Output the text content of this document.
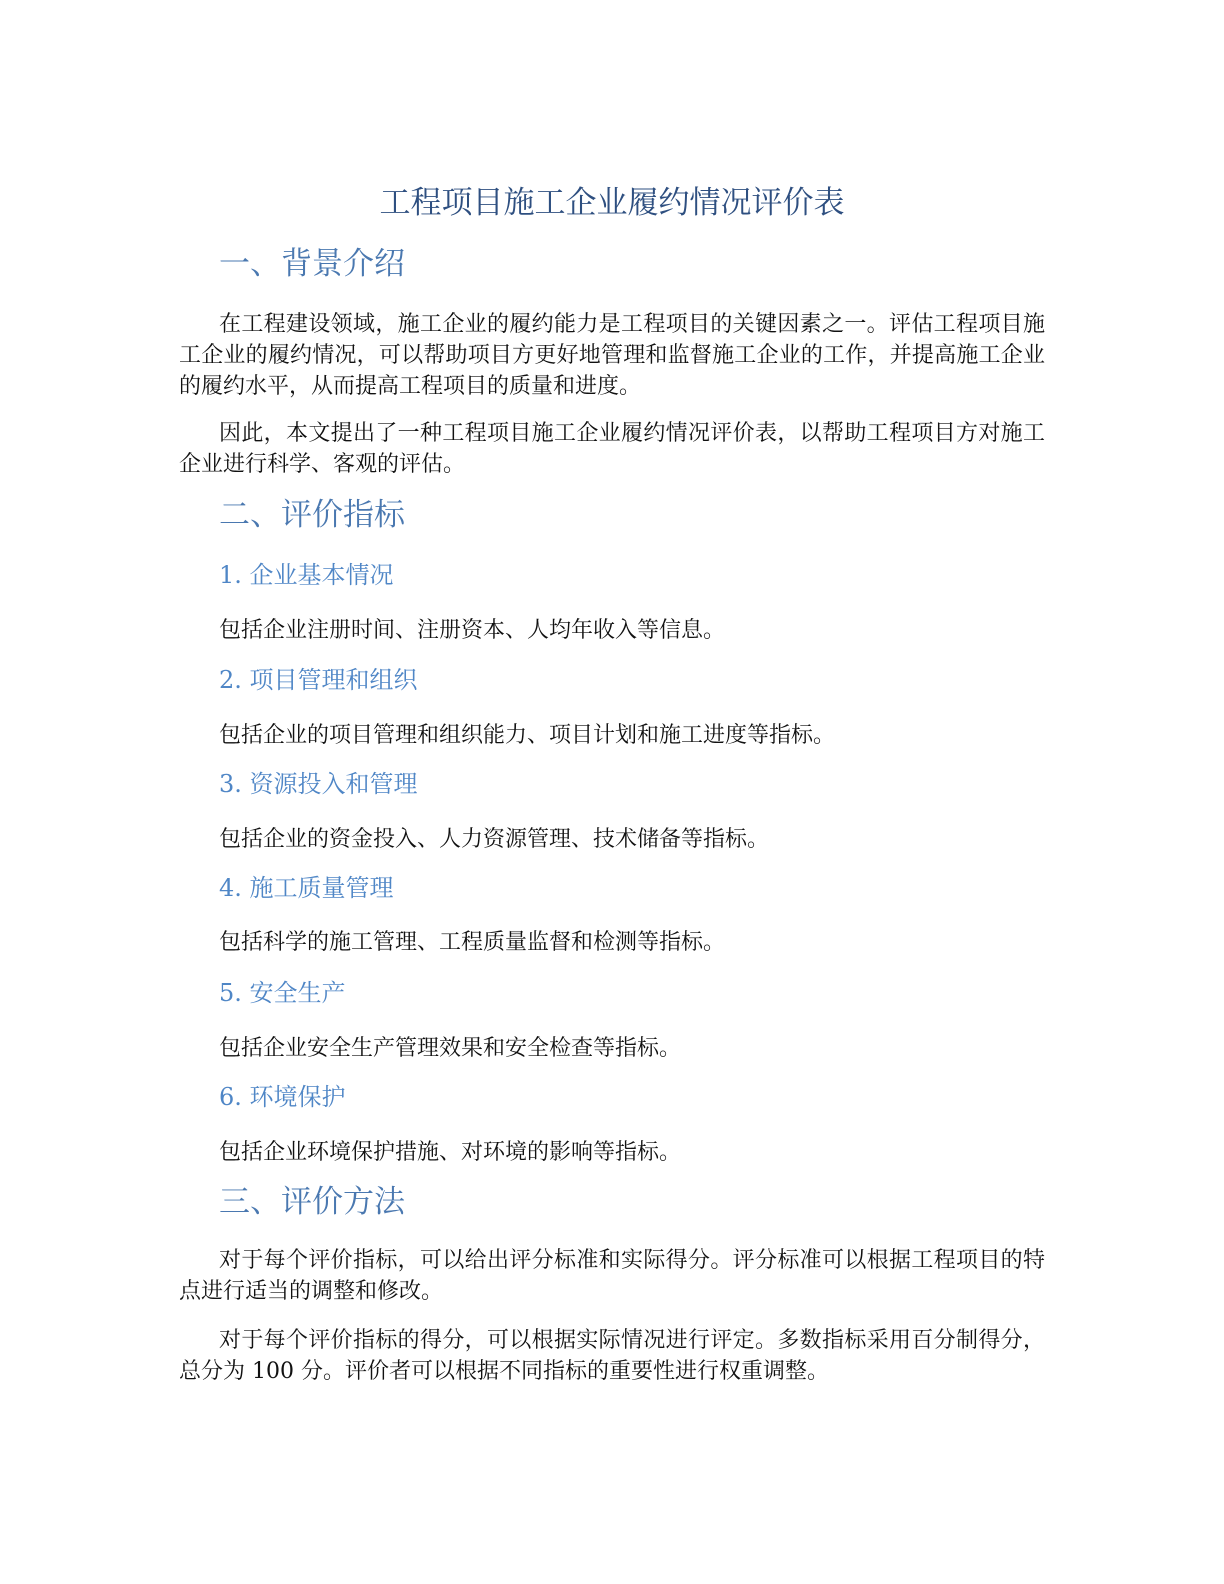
工程项目施工企业履约情况评价表
一、背景介绍

在工程建设领域，施工企业的履约能力是工程项目的关键因素之一。评估工程项目施工企业的履约情况，可以帮助项目方更好地管理和监督施工企业的工作，并提高施工企业的履约水平，从而提高工程项目的质量和进度。

因此，本文提出了一种工程项目施工企业履约情况评价表，以帮助工程项目方对施工企业进行科学、客观的评估。

二、评价指标
1. 企业基本情况

包括企业注册时间、注册资本、人均年收入等信息。

2. 项目管理和组织

包括企业的项目管理和组织能力、项目计划和施工进度等指标。

3. 资源投入和管理

包括企业的资金投入、人力资源管理、技术储备等指标。

4. 施工质量管理

包括科学的施工管理、工程质量监督和检测等指标。

5. 安全生产

包括企业安全生产管理效果和安全检查等指标。

6. 环境保护

包括企业环境保护措施、对环境的影响等指标。

三、评价方法

对于每个评价指标，可以给出评分标准和实际得分。评分标准可以根据工程项目的特点进行适当的调整和修改。

对于每个评价指标的得分，可以根据实际情况进行评定。多数指标采用百分制得分，总分为 100 分。评价者可以根据不同指标的重要性进行权重调整。
